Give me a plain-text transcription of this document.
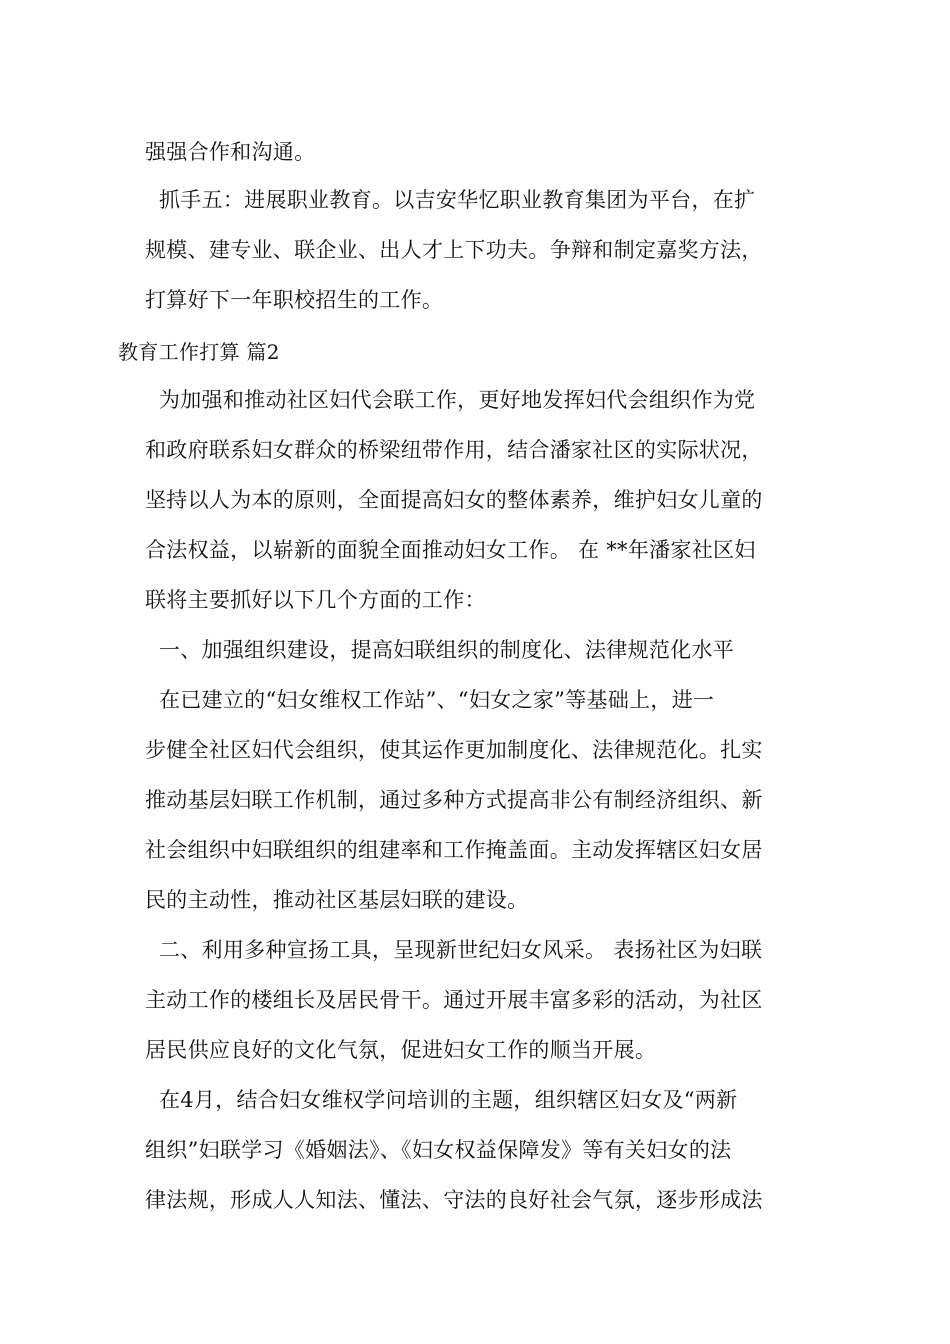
强强合作和沟通。
抓手五：进展职业教育。以吉安华忆职业教育集团为平台，在扩
规模、建专业、联企业、出人才上下功夫。争辩和制定嘉奖方法，
打算好下一年职校招生的工作。
教育工作打算 篇2
为加强和推动社区妇代会联工作，更好地发挥妇代会组织作为党
和政府联系妇女群众的桥梁纽带作用，结合潘家社区的实际状况，
坚持以人为本的原则，全面提高妇女的整体素养，维护妇女儿童的
合法权益，以崭新的面貌全面推动妇女工作。 在 **年潘家社区妇
联将主要抓好以下几个方面的工作：
一、加强组织建设，提高妇联组织的制度化、法律规范化水平
在已建立的“妇女维权工作站”、“妇女之家”等基础上，进一
步健全社区妇代会组织，使其运作更加制度化、法律规范化。扎实
推动基层妇联工作机制，通过多种方式提高非公有制经济组织、新
社会组织中妇联组织的组建率和工作掩盖面。主动发挥辖区妇女居
民的主动性，推动社区基层妇联的建设。
二、利用多种宣扬工具，呈现新世纪妇女风采。 表扬社区为妇联
主动工作的楼组长及居民骨干。通过开展丰富多彩的活动，为社区
居民供应良好的文化气氛，促进妇女工作的顺当开展。
在4月，结合妇女维权学问培训的主题，组织辖区妇女及“两新
组织”妇联学习《婚姻法》、《妇女权益保障发》等有关妇女的法
律法规，形成人人知法、懂法、守法的良好社会气氛，逐步形成法
